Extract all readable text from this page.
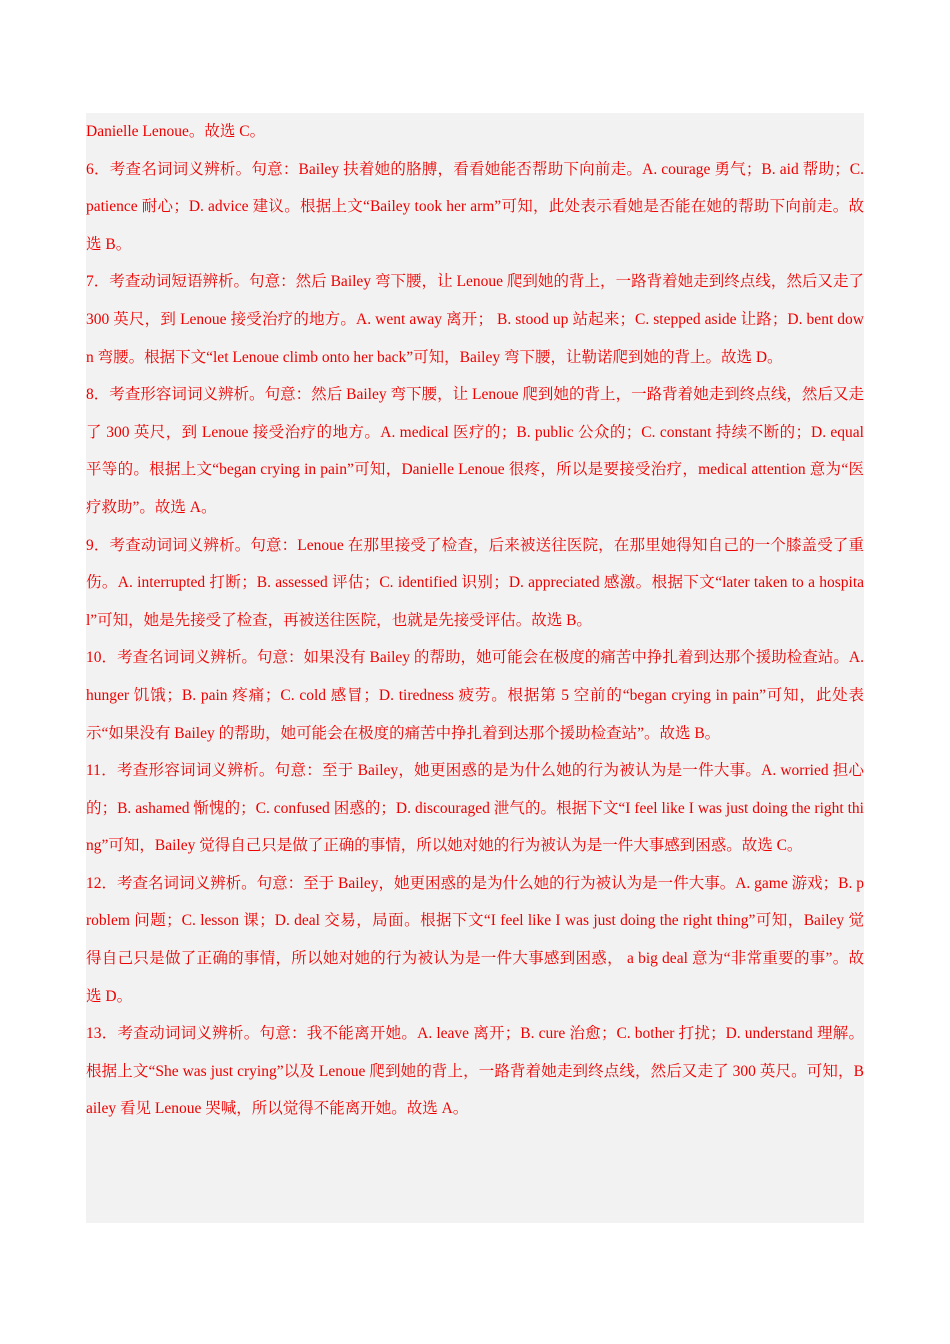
Danielle Lenoue。故选 C。

6．考查名词词义辨析。句意：Bailey 扶着她的胳膊，看看她能否帮助下向前走。A. courage 勇气；B. aid 帮助；C. patience 耐心；D. advice 建议。根据上文“Bailey took her arm”可知，此处表示看她是否能在她的帮助下向前走。故选 B。

7．考查动词短语辨析。句意：然后 Bailey 弯下腰，让 Lenoue 爬到她的背上，一路背着她走到终点线，然后又走了 300 英尺，到 Lenoue 接受治疗的地方。A. went away 离开； B. stood up 站起来；C. stepped aside 让路；D. bent down 弯腰。根据下文“let Lenoue climb onto her back”可知，Bailey 弯下腰，让勒诺爬到她的背上。故选 D。

8．考查形容词词义辨析。句意：然后 Bailey 弯下腰，让 Lenoue 爬到她的背上，一路背着她走到终点线，然后又走了 300 英尺，到 Lenoue 接受治疗的地方。A. medical 医疗的；B. public 公众的；C. constant 持续不断的；D. equal 平等的。根据上文“began crying in pain”可知，Danielle Lenoue 很疼，所以是要接受治疗，medical attention 意为“医疗救助”。故选 A。

9．考查动词词义辨析。句意：Lenoue 在那里接受了检查，后来被送往医院，在那里她得知自己的一个膝盖受了重伤。A. interrupted 打断；B. assessed 评估；C. identified 识别；D. appreciated 感激。根据下文“later taken to a hospital”可知，她是先接受了检查，再被送往医院，也就是先接受评估。故选 B。

10．考查名词词义辨析。句意：如果没有 Bailey 的帮助，她可能会在极度的痛苦中挣扎着到达那个援助检查站。A. hunger 饥饿；B. pain 疼痛；C. cold 感冒；D. tiredness 疲劳。根据第 5 空前的“began crying in pain”可知，此处表示“如果没有 Bailey 的帮助，她可能会在极度的痛苦中挣扎着到达那个援助检查站”。故选 B。

11．考查形容词词义辨析。句意：至于 Bailey，她更困惑的是为什么她的行为被认为是一件大事。A. worried 担心的；B. ashamed 惭愧的；C. confused 困惑的；D. discouraged 泄气的。根据下文“I feel like I was just doing the right thing”可知，Bailey 觉得自己只是做了正确的事情，所以她对她的行为被认为是一件大事感到困惑。故选 C。

12．考查名词词义辨析。句意：至于 Bailey，她更困惑的是为什么她的行为被认为是一件大事。A. game 游戏；B. problem 问题；C. lesson 课；D. deal 交易，局面。根据下文“I feel like I was just doing the right thing”可知，Bailey 觉得自己只是做了正确的事情，所以她对她的行为被认为是一件大事感到困惑， a big deal 意为“非常重要的事”。故选 D。

13．考查动词词义辨析。句意：我不能离开她。A. leave 离开；B. cure 治愈；C. bother 打扰；D. understand 理解。根据上文“She was just crying”以及 Lenoue 爬到她的背上，一路背着她走到终点线，然后又走了 300 英尺。可知，Bailey 看见 Lenoue 哭喊，所以觉得不能离开她。故选 A。
